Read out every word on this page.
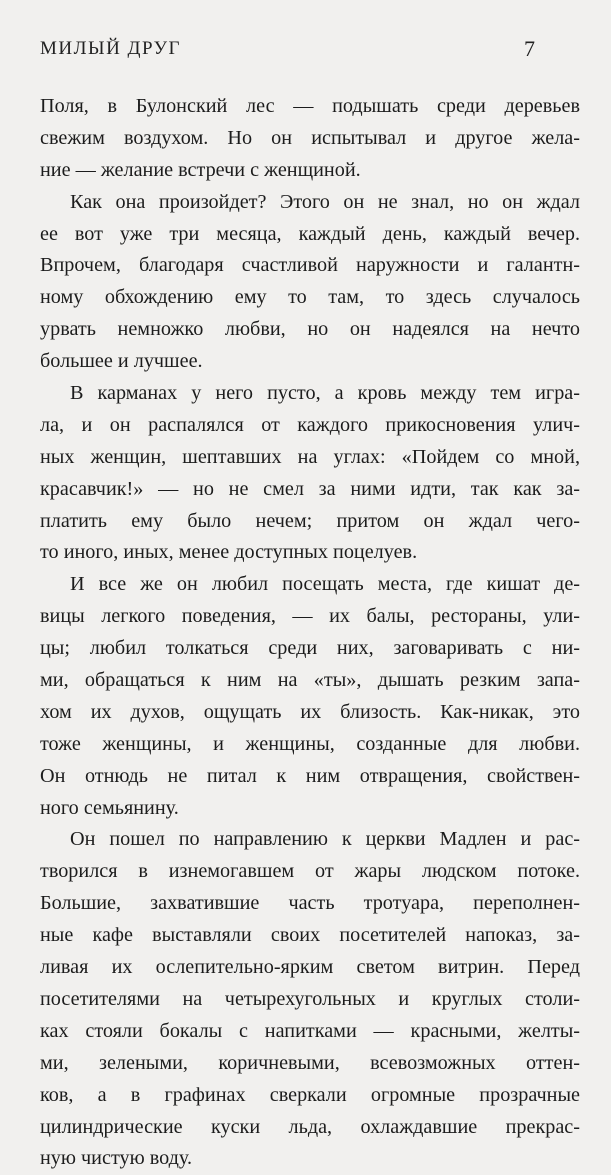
МИЛЫЙ ДРУГ	7
Поля, в Булонский лес — подышать среди деревьев
свежим воздухом. Но он испытывал и другое жела-
ние — желание встречи с женщиной.
Как она произойдет? Этого он не знал, но он ждал
ее вот уже три месяца, каждый день, каждый вечер.
Впрочем, благодаря счастливой наружности и галантн-
ному обхождению ему то там, то здесь случалось
урвать немножко любви, но он надеялся на нечто
большее и лучшее.
В карманах у него пусто, а кровь между тем игра-
ла, и он распалялся от каждого прикосновения улич-
ных женщин, шептавших на углах: «Пойдем со мной,
красавчик!» — но не смел за ними идти, так как за-
платить ему было нечем; притом он ждал чего-
то иного, иных, менее доступных поцелуев.
И все же он любил посещать места, где кишат де-
вицы легкого поведения, — их балы, рестораны, ули-
цы; любил толкаться среди них, заговаривать с ни-
ми, обращаться к ним на «ты», дышать резким запа-
хом их духов, ощущать их близость. Как-никак, это
тоже женщины, и женщины, созданные для любви.
Он отнюдь не питал к ним отвращения, свойствен-
ного семьянину.
Он пошел по направлению к церкви Мадлен и рас-
творился в изнемогавшем от жары людском потоке.
Большие, захватившие часть тротуара, переполнен-
ные кафе выставляли своих посетителей напоказ, за-
ливая их ослепительно-ярким светом витрин. Перед
посетителями на четырехугольных и круглых столи-
ках стояли бокалы с напитками — красными, желты-
ми, зелеными, коричневыми, всевозможных оттен-
ков, а в графинах сверкали огромные прозрачные
цилиндрические куски льда, охлаждавшие прекрас-
ную чистую воду.
